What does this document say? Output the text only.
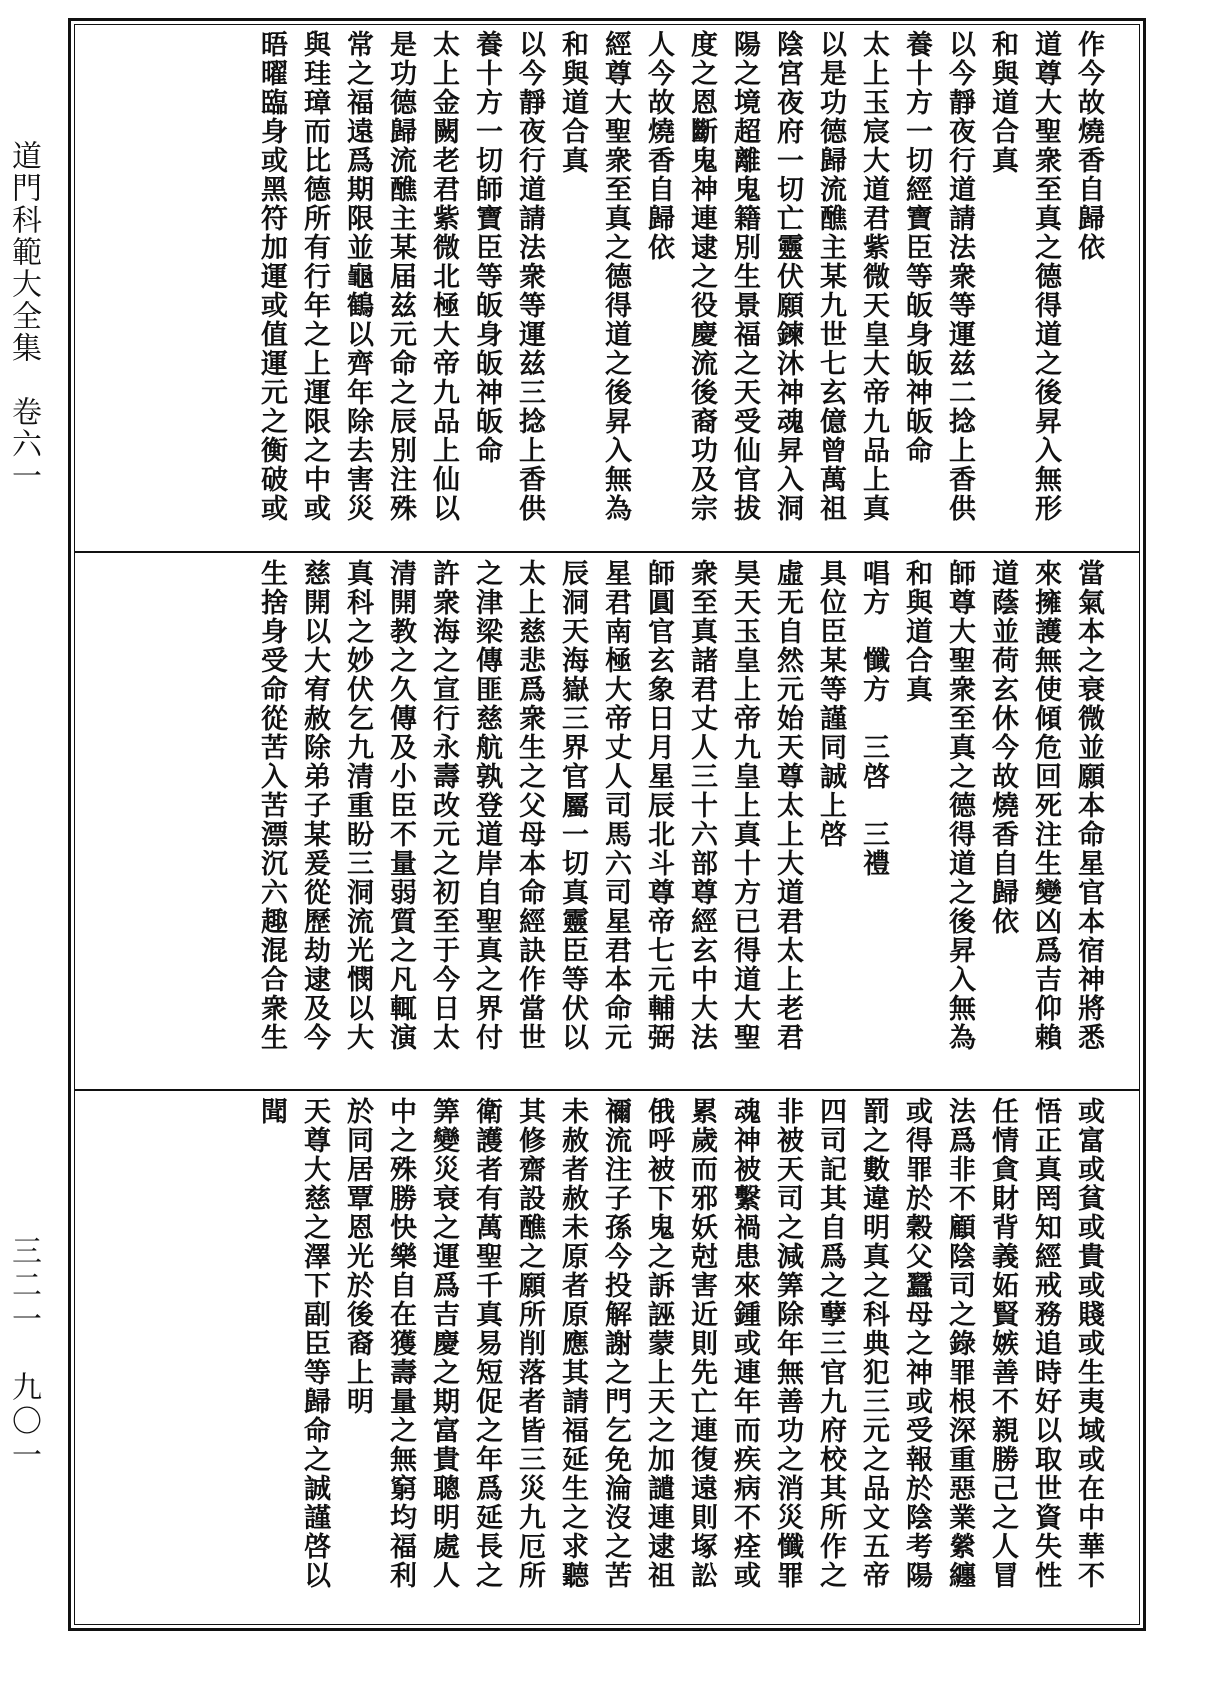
道門科範大全集　卷六一
三二一　九〇一
作今故燒香自歸依
道尊大聖衆至真之德得道之後昇入無形
和與道合真
以今靜夜行道請法衆等運兹二捻上香供
養十方一切經寶臣等皈身皈神皈命
太上玉宸大道君紫微天皇大帝九品上真
以是功德歸流醮主某九世七玄億曾萬祖
陰宮夜府一切亡靈伏願鍊沐神魂昇入洞
陽之境超離鬼籍別生景福之天受仙官拔
度之恩斷鬼神連逮之役慶流後裔功及宗
人今故燒香自歸依
經尊大聖衆至真之德得道之後昇入無為
和與道合真
以今靜夜行道請法衆等運兹三捻上香供
養十方一切師寶臣等皈身皈神皈命
太上金闕老君紫微北極大帝九品上仙以
是功德歸流醮主某届兹元命之辰別注殊
常之福遠爲期限並龜鶴以齊年除去害災
與珪璋而比德所有行年之上運限之中或
晤曜臨身或黑符加運或值運元之衡破或
當氣本之衰微並願本命星官本宿神將悉
來擁護無使傾危回死注生變凶爲吉仰賴
道蔭並荷玄休今故燒香自歸依
師尊大聖衆至真之德得道之後昇入無為
和與道合真
唱方　懺方　三啓　三禮
具位臣某等謹同誠上啓
虛无自然元始天尊太上大道君太上老君
昊天玉皇上帝九皇上真十方已得道大聖
衆至真諸君丈人三十六部尊經玄中大法
師圓官玄象日月星辰北斗尊帝七元輔弼
星君南極大帝丈人司馬六司星君本命元
辰洞天海嶽三界官屬一切真靈臣等伏以
太上慈悲爲衆生之父母本命經訣作當世
之津梁傳匪慈航孰登道岸自聖真之界付
許衆海之宣行永壽改元之初至于今日太
清開教之久傳及小臣不量弱質之凡輒演
真科之妙伏乞九清重盼三洞流光憫以大
慈開以大宥赦除弟子某爰從歷劫逮及今
生捨身受命從苦入苦漂沉六趣混合衆生
或富或貧或貴或賤或生夷域或在中華不
悟正真罔知經戒務追時好以取世資失性
任情貪財背義妬賢嫉善不親勝己之人冒
法爲非不顧陰司之錄罪根深重惡業縈纏
或得罪於穀父蠶母之神或受報於陰考陽
罰之數違明真之科典犯三元之品文五帝
四司記其自爲之孽三官九府校其所作之
非被天司之減筭除年無善功之消災懺罪
魂神被繫禍患來鍾或連年而疾病不痊或
累歲而邪妖尅害近則先亡連復遠則塚訟
俄呼被下鬼之訴誣蒙上天之加譴連逮祖
禰流注子孫今投解謝之門乞免淪沒之苦
未赦者赦未原者原應其請福延生之求聽
其修齋設醮之願所削落者皆三災九厄所
衛護者有萬聖千真易短促之年爲延長之
筭變災衰之運爲吉慶之期富貴聰明處人
中之殊勝快樂自在獲壽量之無窮均福利
於同居覃恩光於後裔上明
天尊大慈之澤下副臣等歸命之誠謹啓以
聞
